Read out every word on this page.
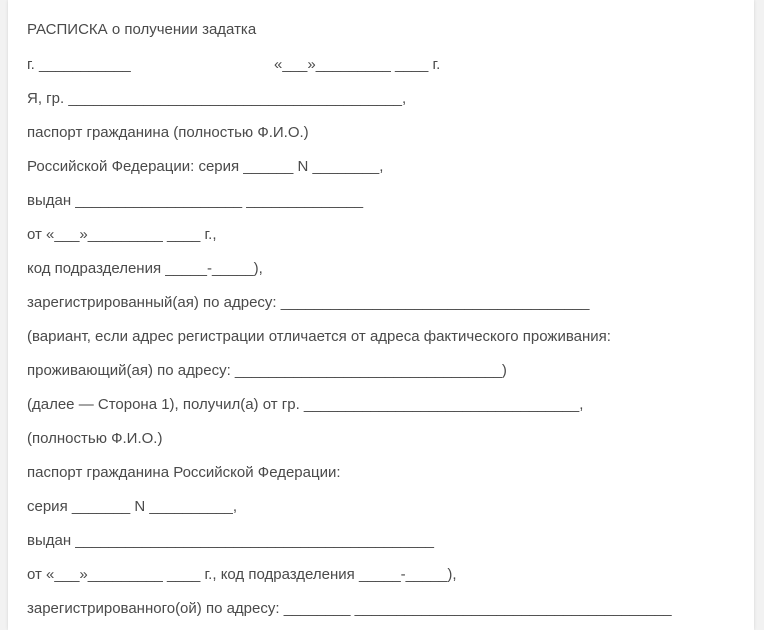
РАСПИСКА о получении задатка

г. ___________

	«___»_________ ____ г.

Я, гр. ________________________________________,
паспорт гражданина (полностью Ф.И.О.)
Российской Федерации: серия ______ N ________,
выдан ____________________ ______________
от «___»_________ ____ г.,
код подразделения _____-_____),
зарегистрированный(ая) по адресу: _____________________________________
(вариант, если адрес регистрации отличается от адреса фактического проживания:
проживающий(ая) по адресу: ________________________________)
(далее — Сторона 1), получил(а) от гр. _________________________________,
(полностью Ф.И.О.)
паспорт гражданина Российской Федерации:
серия _______ N __________,
выдан ___________________________________________
от «___»_________ ____ г., код подразделения _____-_____),
зарегистрированного(ой) по адресу: ________ ______________________________________
